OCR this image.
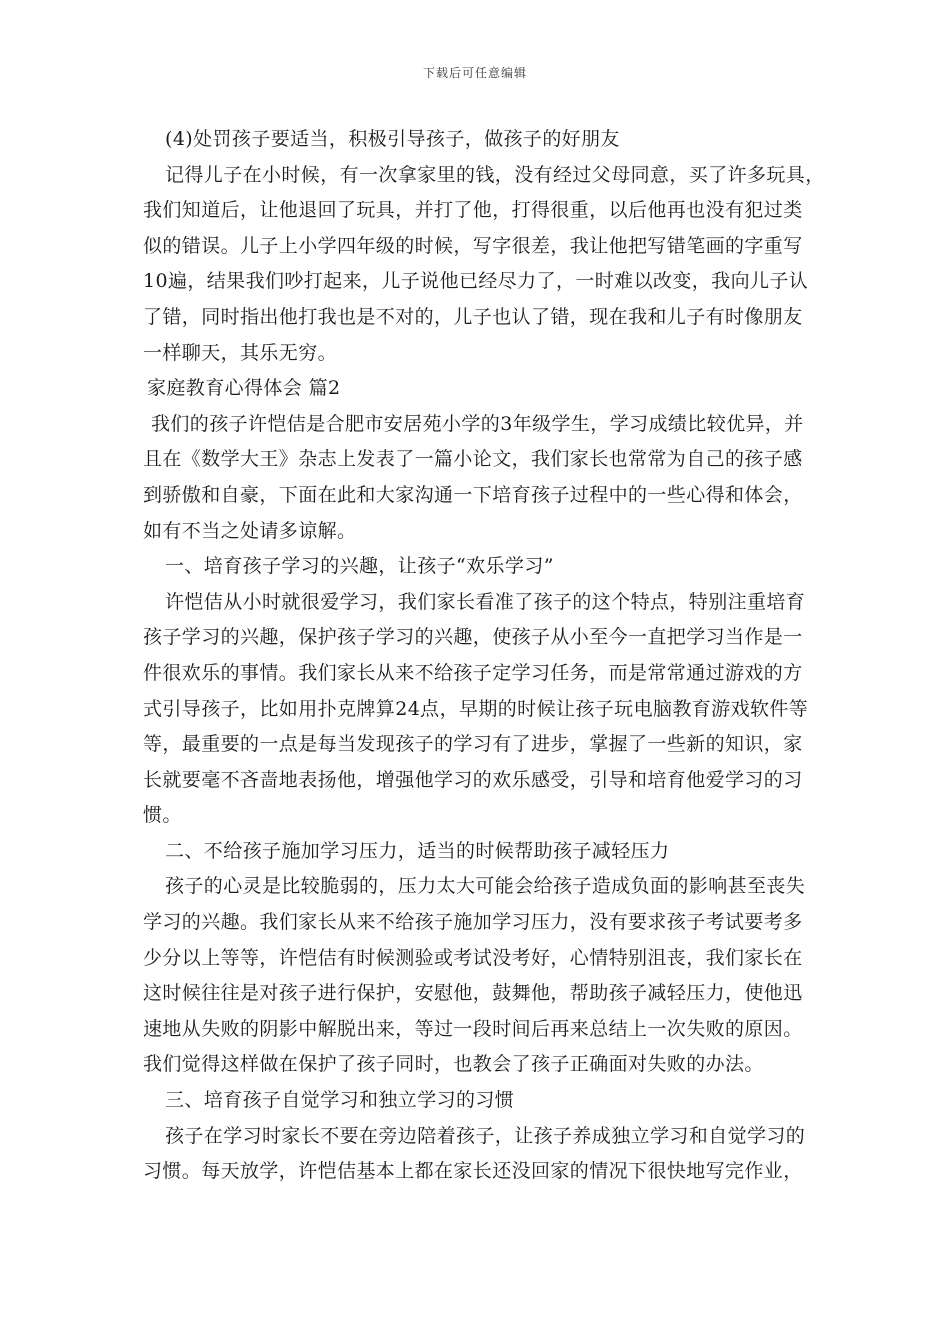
下载后可任意编辑
(4)处罚孩子要适当，积极引导孩子，做孩子的好朋友
记得儿子在小时候，有一次拿家里的钱，没有经过父母同意，买了许多玩具，
我们知道后，让他退回了玩具，并打了他，打得很重，以后他再也没有犯过类
似的错误。儿子上小学四年级的时候，写字很差，我让他把写错笔画的字重写
10遍，结果我们吵打起来，儿子说他已经尽力了，一时难以改变，我向儿子认
了错，同时指出他打我也是不对的，儿子也认了错，现在我和儿子有时像朋友
一样聊天，其乐无穷。
家庭教育心得体会 篇2
我们的孩子许恺佶是合肥市安居苑小学的3年级学生，学习成绩比较优异，并
且在《数学大王》杂志上发表了一篇小论文，我们家长也常常为自己的孩子感
到骄傲和自豪，下面在此和大家沟通一下培育孩子过程中的一些心得和体会，
如有不当之处请多谅解。
一、培育孩子学习的兴趣，让孩子“欢乐学习”
许恺佶从小时就很爱学习，我们家长看准了孩子的这个特点，特别注重培育
孩子学习的兴趣，保护孩子学习的兴趣，使孩子从小至今一直把学习当作是一
件很欢乐的事情。我们家长从来不给孩子定学习任务，而是常常通过游戏的方
式引导孩子，比如用扑克牌算24点，早期的时候让孩子玩电脑教育游戏软件等
等，最重要的一点是每当发现孩子的学习有了进步，掌握了一些新的知识，家
长就要毫不吝啬地表扬他，增强他学习的欢乐感受，引导和培育他爱学习的习
惯。
二、不给孩子施加学习压力，适当的时候帮助孩子减轻压力
孩子的心灵是比较脆弱的，压力太大可能会给孩子造成负面的影响甚至丧失
学习的兴趣。我们家长从来不给孩子施加学习压力，没有要求孩子考试要考多
少分以上等等，许恺佶有时候测验或考试没考好，心情特别沮丧，我们家长在
这时候往往是对孩子进行保护，安慰他，鼓舞他，帮助孩子减轻压力，使他迅
速地从失败的阴影中解脱出来，等过一段时间后再来总结上一次失败的原因。
我们觉得这样做在保护了孩子同时，也教会了孩子正确面对失败的办法。
三、培育孩子自觉学习和独立学习的习惯
孩子在学习时家长不要在旁边陪着孩子，让孩子养成独立学习和自觉学习的
习惯。每天放学，许恺佶基本上都在家长还没回家的情况下很快地写完作业，
